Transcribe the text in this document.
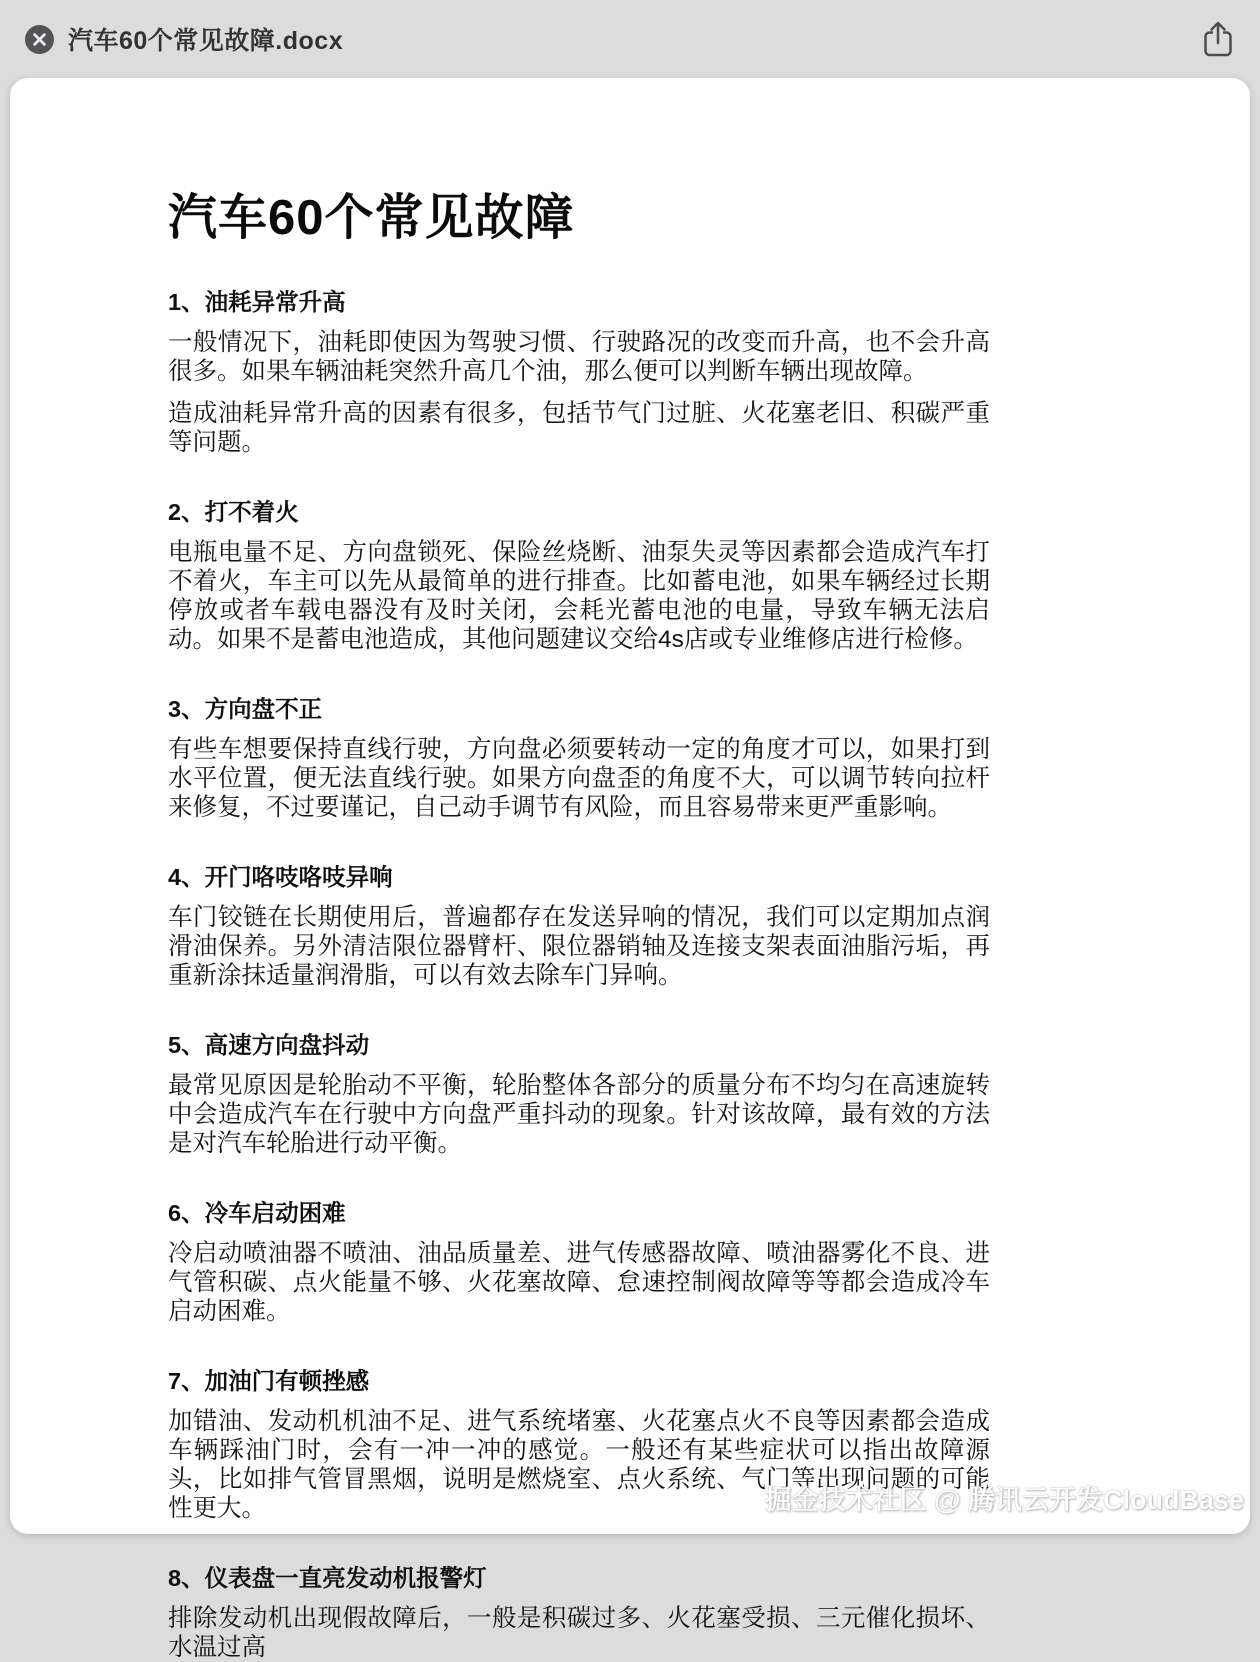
汽车60个常见故障.docx
汽车60个常见故障
1、油耗异常升高

一般情况下，油耗即使因为驾驶习惯、行驶路况的改变而升高，也不会升高很多。如果车辆油耗突然升高几个油，那么便可以判断车辆出现故障。

造成油耗异常升高的因素有很多，包括节气门过脏、火花塞老旧、积碳严重等问题。

2、打不着火

电瓶电量不足、方向盘锁死、保险丝烧断、油泵失灵等因素都会造成汽车打不着火，车主可以先从最简单的进行排查。比如蓄电池，如果车辆经过长期停放或者车载电器没有及时关闭，会耗光蓄电池的电量，导致车辆无法启动。如果不是蓄电池造成，其他问题建议交给4s店或专业维修店进行检修。

3、方向盘不正

有些车想要保持直线行驶，方向盘必须要转动一定的角度才可以，如果打到水平位置，便无法直线行驶。如果方向盘歪的角度不大，可以调节转向拉杆来修复，不过要谨记，自己动手调节有风险，而且容易带来更严重影响。

4、开门咯吱咯吱异响

车门铰链在长期使用后，普遍都存在发送异响的情况，我们可以定期加点润滑油保养。另外清洁限位器臂杆、限位器销轴及连接支架表面油脂污垢，再重新涂抹适量润滑脂，可以有效去除车门异响。

5、高速方向盘抖动

最常见原因是轮胎动不平衡，轮胎整体各部分的质量分布不均匀在高速旋转中会造成汽车在行驶中方向盘严重抖动的现象。针对该故障，最有效的方法是对汽车轮胎进行动平衡。

6、冷车启动困难

冷启动喷油器不喷油、油品质量差、进气传感器故障、喷油器雾化不良、进气管积碳、点火能量不够、火花塞故障、怠速控制阀故障等等都会造成冷车启动困难。

7、加油门有顿挫感

加错油、发动机机油不足、进气系统堵塞、火花塞点火不良等因素都会造成车辆踩油门时，会有一冲一冲的感觉。一般还有某些症状可以指出故障源头，比如排气管冒黑烟，说明是燃烧室、点火系统、气门等出现问题的可能性更大。

8、仪表盘一直亮发动机报警灯

排除发动机出现假故障后，一般是积碳过多、火花塞受损、三元催化损坏、水温过高

掘金技术社区 @ 腾讯云开发CloudBase
